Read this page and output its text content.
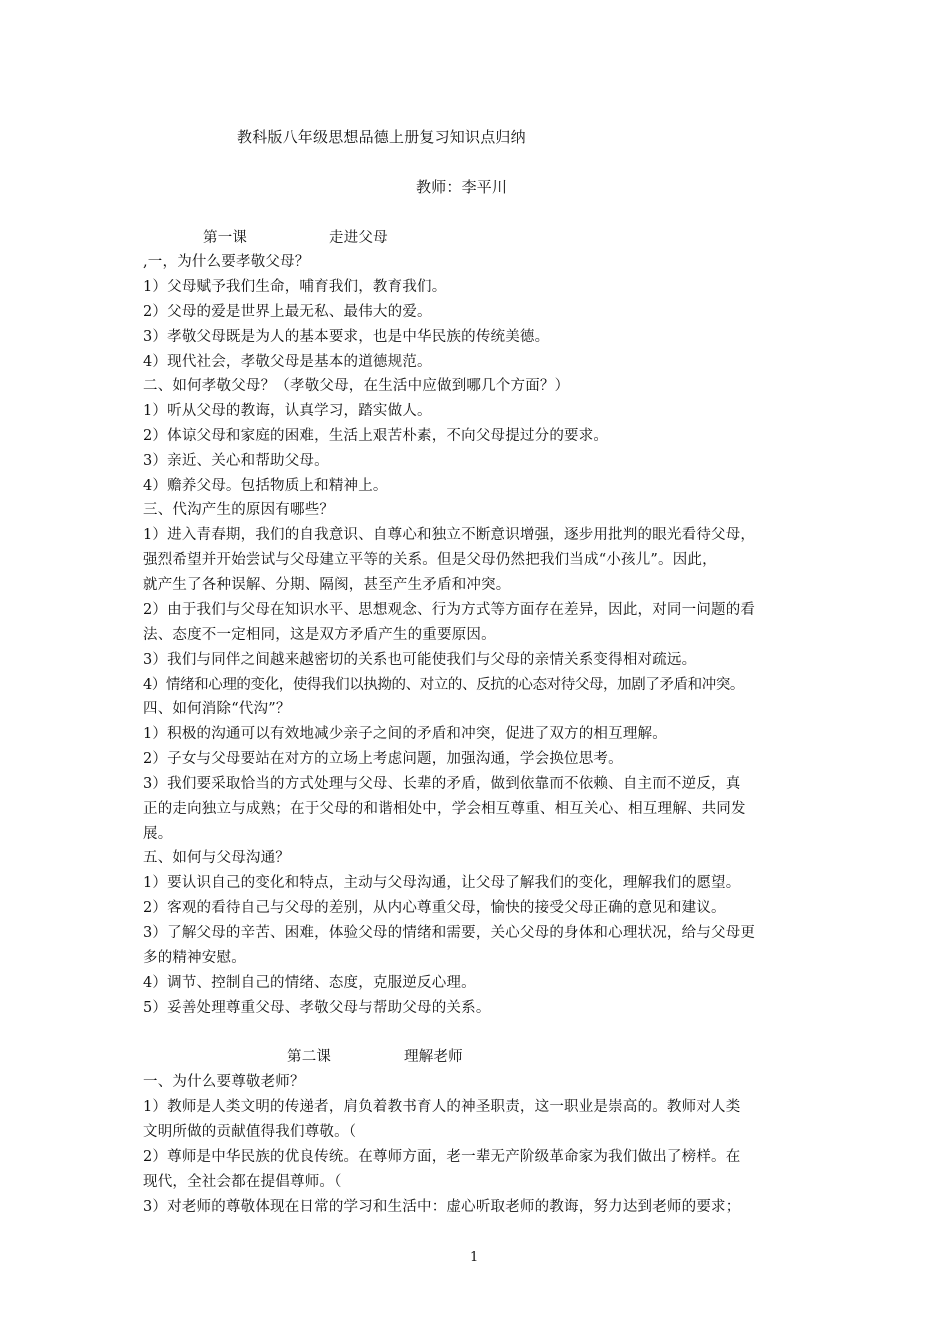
教科版八年级思想品德上册复习知识点归纳
教师：李平川
第一课	走进父母
,一，为什么要孝敬父母？
1）父母赋予我们生命，哺育我们，教育我们。
2）父母的爱是世界上最无私、最伟大的爱。
3）孝敬父母既是为人的基本要求，也是中华民族的传统美德。
4）现代社会，孝敬父母是基本的道德规范。
二、如何孝敬父母？（孝敬父母，在生活中应做到哪几个方面？）
1）听从父母的教诲，认真学习，踏实做人。
2）体谅父母和家庭的困难，生活上艰苦朴素，不向父母提过分的要求。
3）亲近、关心和帮助父母。
4）赡养父母。包括物质上和精神上。
三、代沟产生的原因有哪些？
1）进入青春期，我们的自我意识、自尊心和独立不断意识增强，逐步用批判的眼光看待父母，
强烈希望并开始尝试与父母建立平等的关系。但是父母仍然把我们当成“小孩儿”。因此，
就产生了各种误解、分期、隔阂，甚至产生矛盾和冲突。
2）由于我们与父母在知识水平、思想观念、行为方式等方面存在差异，因此，对同一问题的看
法、态度不一定相同，这是双方矛盾产生的重要原因。
3）我们与同伴之间越来越密切的关系也可能使我们与父母的亲情关系变得相对疏远。
4）情绪和心理的变化，使得我们以执拗的、对立的、反抗的心态对待父母，加剧了矛盾和冲突。
四、如何消除“代沟”？
1）积极的沟通可以有效地减少亲子之间的矛盾和冲突，促进了双方的相互理解。
2）子女与父母要站在对方的立场上考虑问题，加强沟通，学会换位思考。
3）我们要采取恰当的方式处理与父母、长辈的矛盾，做到依靠而不依赖、自主而不逆反，真
正的走向独立与成熟；在于父母的和谐相处中，学会相互尊重、相互关心、相互理解、共同发
展。
五、如何与父母沟通？
1）要认识自己的变化和特点，主动与父母沟通，让父母了解我们的变化，理解我们的愿望。
2）客观的看待自己与父母的差别，从内心尊重父母，愉快的接受父母正确的意见和建议。
3）了解父母的辛苦、困难，体验父母的情绪和需要，关心父母的身体和心理状况，给与父母更
多的精神安慰。
4）调节、控制自己的情绪、态度，克服逆反心理。
5）妥善处理尊重父母、孝敬父母与帮助父母的关系。
第二课	理解老师
一、为什么要尊敬老师？
1）教师是人类文明的传递者，肩负着教书育人的神圣职责，这一职业是崇高的。教师对人类
文明所做的贡献值得我们尊敬。（
2）尊师是中华民族的优良传统。在尊师方面，老一辈无产阶级革命家为我们做出了榜样。在
现代，全社会都在提倡尊师。（
3）对老师的尊敬体现在日常的学习和生活中：虚心听取老师的教诲，努力达到老师的要求；
1
